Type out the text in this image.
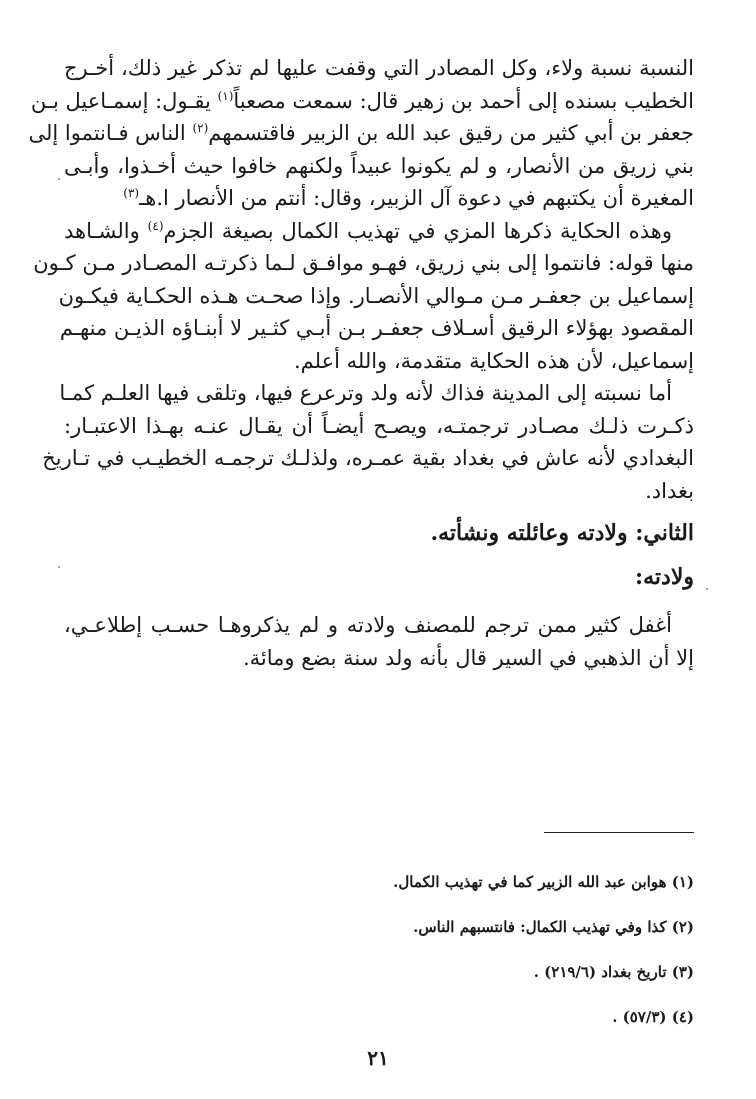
النسبة نسبة ولاء، وكل المصادر التي وقفت عليها لم تذكر غير ذلك، أخـرج
الخطيب بسنده إلى أحمد بن زهير قال: سمعت مصعباً$^{(١)}$ يقـول: إسمـاعيل بـن
جعفر بن أبي كثير من رقيق عبد الله بن الزبير فاقتسمهم$^{(٢)}$ الناس فـانتموا إلى
بني زريق من الأنصار، و لم يكونوا عبيداً ولكنهم خافوا حيث أخـذوا، وأبـى
المغيرة أن يكتبهم في دعوة آل الزبير، وقال: أنتم من الأنصار ا.هـ$^{(٣)}$

وهذه الحكاية ذكرها المزي في تهذيب الكمال بصيغة الجزم$^{(٤)}$ والشـاهد
منها قوله: فانتموا إلى بني زريق، فهـو موافـق لـما ذكرتـه المصـادر مـن كـون
إسماعيل بن جعفـر مـن مـوالي الأنصـار. وإذا صحـت هـذه الحكـاية فيكـون
المقصود بهؤلاء الرقيق أسـلاف جعفـر بـن أبـي كثـير لا أبنـاؤه الذيـن منهـم
إسماعيل، لأن هذه الحكاية متقدمة، والله أعلم.

أما نسبته إلى المدينة فذاك لأنه ولد وترعرع فيها، وتلقى فيها العلـم كمـا
ذكـرت ذلـك مصـادر ترجمتـه، ويصـح أيضـاً أن يقـال عنـه بهـذا الاعتبـار:
البغدادي لأنه عاش في بغداد بقية عمـره، ولذلـك ترجمـه الخطيـب في تـاريخ
بغداد.

الثاني: ولادته وعائلته ونشأته.
ولادته:

أغفل كثير ممن ترجم للمصنف ولادته و لم يذكروهـا حسـب إطلاعـي،
إلا أن الذهبي في السير قال بأنه ولد سنة بضع ومائة.

(١) هوابن عبد الله الزبير كما في تهذيب الكمال.

(٢) كذا وفي تهذيب الكمال: فانتسبهم الناس.

(٣) تاريخ بغداد (٢١٩/٦) .

(٤) (٥٧/٣) .

٢١
